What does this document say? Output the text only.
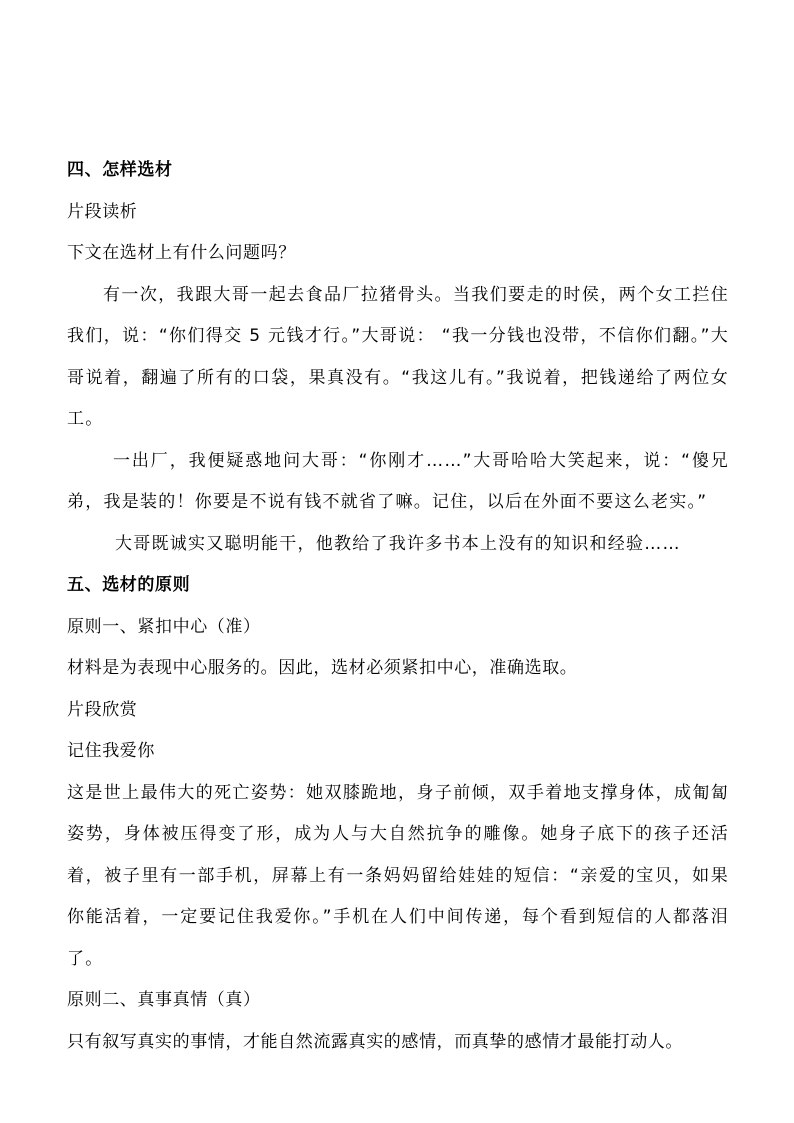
四、怎样选材
片段读析
下文在选材上有什么问题吗？

有一次，我跟大哥一起去食品厂拉猪骨头。当我们要走的时侯，两个女工拦住我们，说：“你们得交 5 元钱才行。”大哥说： “我一分钱也没带，不信你们翻。”大哥说着，翻遍了所有的口袋，果真没有。“我这儿有。”我说着，把钱递给了两位女工。

一出厂，我便疑惑地问大哥：“你刚才……”大哥哈哈大笑起来，说：“傻兄弟，我是装的！你要是不说有钱不就省了嘛。记住，以后在外面不要这么老实。”

大哥既诚实又聪明能干，他教给了我许多书本上没有的知识和经验……

五、选材的原则
原则一、紧扣中心（准）
材料是为表现中心服务的。因此，选材必须紧扣中心，准确选取。
片段欣赏
记住我爱你

这是世上最伟大的死亡姿势：她双膝跪地，身子前倾，双手着地支撑身体，成匍匐姿势，身体被压得变了形，成为人与大自然抗争的雕像。她身子底下的孩子还活着，被子里有一部手机，屏幕上有一条妈妈留给娃娃的短信：“亲爱的宝贝，如果你能活着，一定要记住我爱你。”手机在人们中间传递，每个看到短信的人都落泪了。

原则二、真事真情（真）
只有叙写真实的事情，才能自然流露真实的感情，而真挚的感情才最能打动人。
